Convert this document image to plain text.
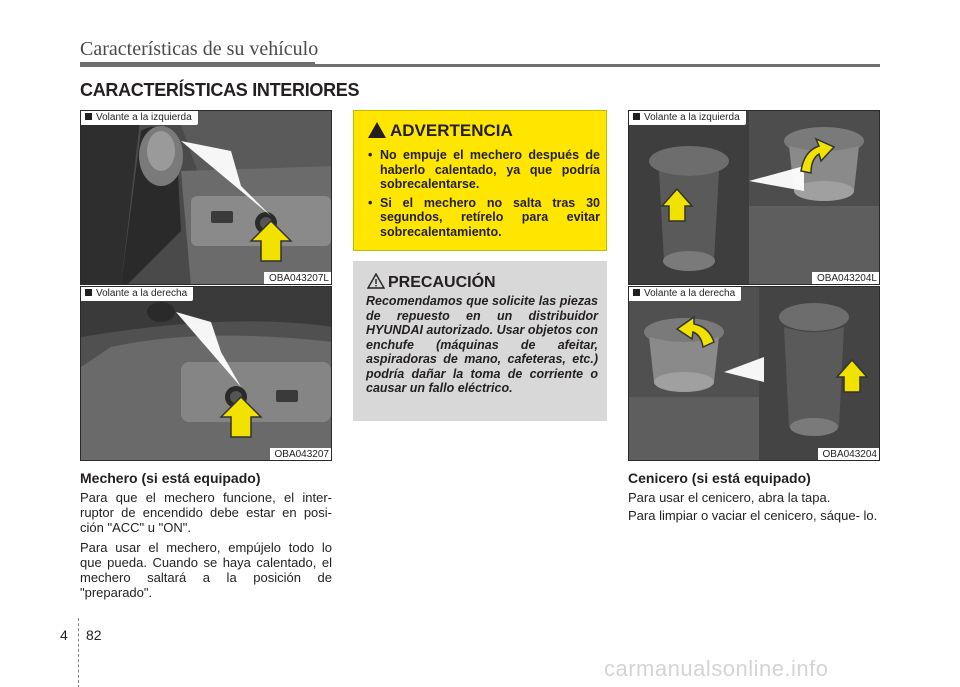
Características de su vehículo
CARACTERÍSTICAS INTERIORES
Volante a la izquierda
OBA043207L
Volante a la derecha
OBA043207
Mechero (si está equipado)
Para que el mechero funcione, el inter- ruptor de encendido debe estar en posi- ción "ACC" u "ON".
Para usar el mechero, empújelo todo lo que pueda. Cuando se haya calentado, el mechero saltará a la posición de "preparado".
ADVERTENCIA
• No empuje el mechero después de haberlo calentado, ya que podría sobrecalentarse.
• Si el mechero no salta tras 30 segundos, retírelo para evitar sobrecalentamiento.
PRECAUCIÓN
Recomendamos que solicite las piezas de repuesto en un distribuidor HYUNDAI autorizado. Usar objetos con enchufe (máquinas de afeitar, aspiradoras de mano, cafeteras, etc.) podría dañar la toma de corriente o causar un fallo eléctrico.
Volante a la izquierda
OBA043204L
Volante a la derecha
OBA043204
Cenicero (si está equipado)
Para usar el cenicero, abra la tapa.
Para limpiar o vaciar el cenicero, sáque- lo.
4 82
carmanualsonline.info
